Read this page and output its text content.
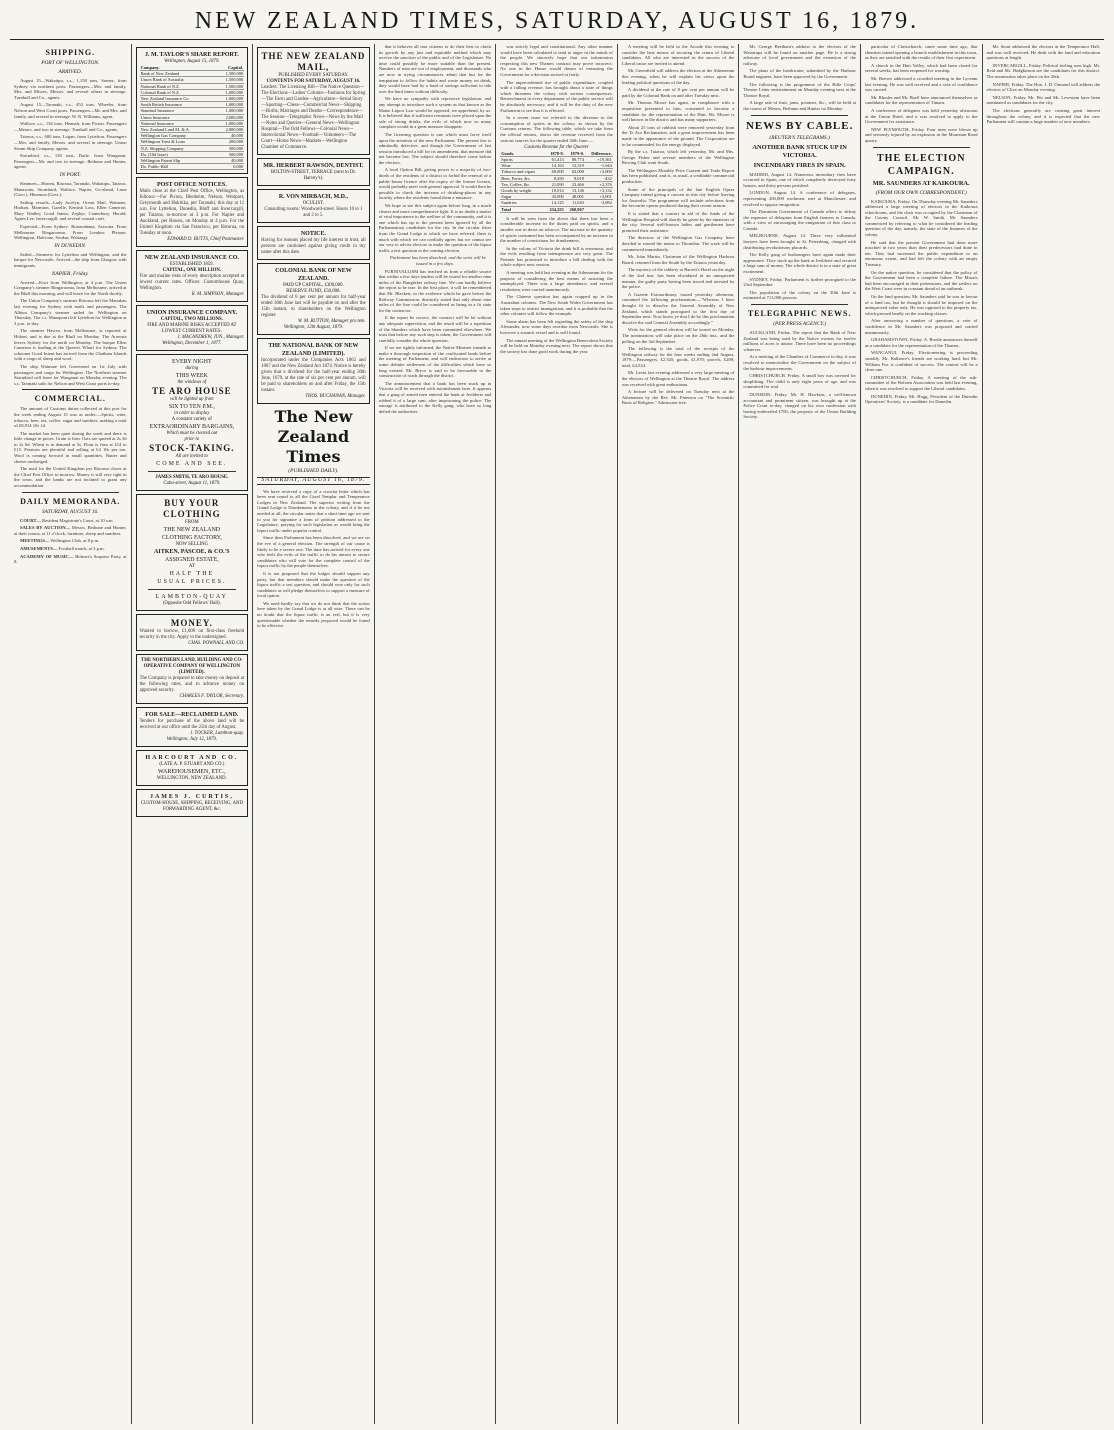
NEW ZEALAND TIMES, SATURDAY, AUGUST 16, 1879.
SHIPPING.
PORT OF WELLINGTON.
ARRIVED.

August 15—Wakatipu, s.s., 1,158 tons, Sarnez, from Sydney via northern ports. Passengers—Mrs. and family, Mrs. and Misses, Messrs. and several others in steerage. Turnbull and Co., agents.

August 15—Taranaki, s.s., 453 tons, Wheeler, from Nelson and West Coast ports. Passengers—Mr. and Mrs. and family, and several in steerage. W. R. Williams, agent.

Wallace, s.s., 136 tons, Hennah, from Picton. Passengers—Messrs. and two in steerage. Turnbull and Co., agents.

Taiaroa, s.s., 600 tons, Logan, from Lyttelton. Passengers—Mrs. and family, Messrs. and several in steerage. Union Steam Ship Company, agents.

Stormbird, s.s., 130 tons, Doile, from Wanganui. Passengers—Mr. and two in steerage. Bethune and Hunter, agents.

IN PORT.

Steamers—Hawea, Rotorua, Taranaki, Wakatipu, Taiaroa, Manawatu, Stormbird, Wallace, Napier, Go-ahead, Luna (Govt.), Hinemoa (Govt.).

Sailing vessels—Lady Jocelyn, Ocean Mail, Waimate, Hudson, Marmion, Gazelle, Kentish Lass, Ellen Cameron, Mary Wadley, Good Intent, Zephyr, Canterbury, Herald, Agnes Lee, Invercargill, and several coastal craft.

Expected—From Sydney: Rotomahana, Arawata. From Melbourne: Ringarooma. From London: Pleione, Wellington, Halcione, Soukar, Waitangi.

IN DUNEDIN.

Sailed—Steamers for Lyttelton and Wellington, and the barque for Newcastle. Arrived—the ship from Glasgow with immigrants.

NAPIER, Friday.

Arrived—Kiwi from Wellington, at 4 p.m. The Union Company's steamer Ringarooma, from Melbourne, arrived at the Bluff this morning, and will leave for the North shortly.

The Union Company's steamer Rotorua left the Manukau last evening for Sydney with mails and passengers. The Albion Company's steamer sailed for Wellington on Thursday. The s.s. Manapouri left Lyttelton for Wellington at 3 p.m. to-day.

The steamer Hawea, from Melbourne, is reported at Hobart, and is due at the Bluff on Monday. The Arawata leaves Sydney for the north on Monday. The barque Ellen Cameron is loading at the Queen's Wharf for Sydney. The schooner Good Intent has arrived from the Chatham Islands with a cargo of sheep and wool.

The ship Waimate left Gravesend on 1st July with passengers and cargo for Wellington. The Northern steamer Stormbird will leave for Wanganui on Monday evening. The s.s. Taranaki sails for Nelson and West Coast ports to-day.

COMMERCIAL.

The amount of Customs duties collected at this port for the week ending August 15 was as under:—Spirits, wine, tobacco, beer, tea, coffee, sugar and sundries, making a total of £8,914 10s 1d.

The market has been quiet during the week and there is little change in prices. Grain is firm. Oats are quoted at 2s 3d to 2s 6d. Wheat is in demand at 5s. Flour is firm at £14 to £15. Potatoes are plentiful and selling at £4 10s per ton. Wool is coming forward in small quantities. Butter and cheese unchanged.

The mail for the United Kingdom per Rotorua closes at the Chief Post Office to-morrow. Money is still very tight in the town, and the banks are not inclined to grant any accommodation.

DAILY MEMORANDA.
SATURDAY, AUGUST 16.

COURT— Resident Magistrate's Court, at 10 a.m.

SALES BY AUCTION— Messrs. Bethune and Hunter, at their rooms, at 11 o'clock, furniture, sheep and sundries.

MEETINGS— Wellington Club, at 8 p.m.

AMUSEMENTS— Football match, at 3 p.m.

ACADEMY OF MUSIC— Holmes's Surprise Party, at 8.

J. M. TAYLOR'S SHARE REPORT.
Wellington, August 15, 1879.
Company.	Capital.
Bank of New Zealand	1,500,000
Union Bank of Australia	1,500,000
National Bank of N.Z.	1,500,000
Colonial Bank of N.Z.	1,000,000
New Zealand Insurance Co.	1,000,000
South British Insurance	1,000,000
Standard Insurance	1,000,000
Union Insurance	2,000,000
National Insurance	1,000,000
New Zealand Land M. & A.	2,000,000
Wellington Gas Company	40,000
Wellington Trust & Loan	200,000
N.Z. Shipping Company	500,000
Do. (Old Issue)	500,000
Wellington Patent Slip	40,000
Do. Public Hall	6,000
POST OFFICE NOTICES.
Mails close at the Chief Post Office, Wellington, as follows:—For Picton, Blenheim, Nelson, Westport, Greymouth and Hokitika, per Taranaki, this day at 11 a.m. For Lyttelton, Dunedin, Bluff and Invercargill, per Taiaroa, to-morrow at 3 p.m. For Napier and Auckland, per Hawea, on Monday at 4 p.m. For the United Kingdom via San Francisco, per Rotorua, on Tuesday at noon.
EDWARD D. BUTTS, Chief Postmaster.
NEW ZEALAND INSURANCE CO.
ESTABLISHED 1859.
CAPITAL, ONE MILLION.
Fire and marine risks of every description accepted at lowest current rates. Offices: Customhouse Quay, Wellington.
R. M. SIMPSON, Manager.
UNION INSURANCE COMPANY.
CAPITAL, TWO MILLIONS.
FIRE AND MARINE RISKS ACCEPTED AT LOWEST CURRENT RATES.
J. MACANDREW, JUN., Manager.
Wellington, December 1, 1877.
EVERY NIGHT
during
THIS WEEK
the windows of
TE ARO HOUSE
will be lighted up from
SIX TO TEN P.M.,
in order to display
A constant variety of
EXTRAORDINARY BARGAINS,
Which must be cleared out
prior to
STOCK-TAKING.
All are invited to
COME AND SEE.
JAMES SMITH, TE ARO HOUSE.
Cuba-street, August 11, 1879.
BUY YOUR CLOTHING
FROM
THE NEW ZEALAND
CLOTHING FACTORY,
NOW SELLING
AITKEN, PASCOE, & CO.'S
ASSIGNED ESTATE,
AT
HALF THE
USUAL PRICES.
LAMBTON-QUAY
(Opposite Odd Fellows' Hall).
MONEY.
Wanted to borrow, £1,000 on first-class freehold security in the city. Apply to the undersigned.
CHAS. POWNALL AND CO.
THE NORTHERN LAND, BUILDING AND CO-OPERATIVE COMPANY OF WELLINGTON (LIMITED).
The Company is prepared to take money on deposit at the following rates, and to advance money on approved security.
CHARLES F. TAYLOR, Secretary.
FOR SALE—RECLAIMED LAND.
Tenders for purchase of the above land will be received at our office until the 25th day of August.
J. TOCKER, Lambton-quay.
Wellington, July 12, 1879.
HARCOURT AND CO.
(LATE A. P. STUART AND CO.)
WAREHOUSEMEN, ETC.,
WELLINGTON, NEW ZEALAND.
JAMES J. CURTIS,
CUSTOM-HOUSE, SHIPPING, RECEIVING, AND FORWARDING AGENT, &c.
THE NEW ZEALAND MAIL,
PUBLISHED EVERY SATURDAY.
CONTENTS FOR SATURDAY, AUGUST 16.
Leaders: The Licensing Bill—The Native Question—The Elections—Ladies' Column—Fashions for Spring—The Farm and Garden—Agriculture—Serial Story—Sporting—Chess—Commercial News—Shipping—Births, Marriages and Deaths—Correspondence—The Session—Telegraphic News—News by the Mail—Notes and Queries—General News—Wellington Hospital—The Odd Fellows—Colonial News—Intercolonial News—Football—Volunteers—The Court—Home News—Markets—Wellington Chamber of Commerce.
MR. HERBERT RAWSON, DENTIST.
BOLTON-STREET, TERRACE (next to Dr. Harvey's).
R. VON MIRBACH, M.D.,
OCULIST.
Consulting rooms: Woodward-street. Hours 10 to 1 and 2 to 5.
NOTICE.
Having for reasons placed my life interest in trust, all persons are cautioned against giving credit in my name after this date.
COLONIAL BANK OF NEW ZEALAND.
PAID UP CAPITAL, £300,000.
RESERVE FUND, £50,000.
The dividend of 8 per cent per annum for half-year ended 30th June last will be payable on and after the 15th instant, to shareholders on the Wellington register.
W. M. BUTTON, Manager pro tem.
Wellington, 12th August, 1879.
THE NATIONAL BANK OF NEW ZEALAND (LIMITED).
Incorporated under the Companies Acts 1862 and 1867 and the New Zealand Act 1874. Notice is hereby given that a dividend for the half-year ending 30th June, 1879, at the rate of six per cent per annum, will be paid to shareholders on and after Friday, the 15th instant.
THOS. BUCHANAN, Manager.
The New Zealand Times
(PUBLISHED DAILY).
SATURDAY, AUGUST 16, 1879.

We have received a copy of a circular letter which has been sent round to all the Good Templar and Temperance Lodges in New Zealand. The superior writing from the Grand Lodge is Drunkenness in the colony, and if it be not needed at all, the circular states that a short time ago we sent to you for signature a form of petition addressed to the Legislature, praying for such legislation as would bring the liquor traffic under popular control.

Since then Parliament has been dissolved, and we are on the eve of a general election. The strength of our cause is likely to be a severe one. The time has arrived for every one who feels the evils of the traffic to do his utmost to secure candidates who will vote for the complete control of the liquor traffic by the people themselves.

It is not proposed that the lodges should support any party, but that members should make the question of the liquor traffic a test question, and should vote only for such candidates as will pledge themselves to support a measure of local option.

We need hardly say that we do not think that the action here taken by the Grand Lodge is at all wise. There can be no doubt that the liquor traffic is an evil, but it is very questionable whether the remedy proposed would be found to be effective.

that it behoves all true citizens to do their best to check its growth by any just and equitable method which may receive the sanction of the public and of the Legislature. No time could possibly be more suitable than the present. Numbers of men are out of employment, and thousands who are now in trying circumstances admit that but for the temptation to follow the habits and waste money on drink, they would have had by a fund of savings sufficient to tide over the hard times without difficulty.

We have no sympathy with repressive legislation, and any attempt to introduce such a system as that known as the Maine Liquor Law would be opposed, we apprehend, by us. It is believed that if sufficient restraints were placed upon the sale of strong drinks, the evils of which now so many complain would in a great measure disappear.

The licensing question is one which must force itself upon the attention of the new Parliament. The present law is admittedly defective, and though the Government of last session introduced a bill for its amendment, that measure did not become law. The subject should therefore come before the electors.

A local Option Bill, giving power to a majority of two-thirds of the residents of a district to forbid the renewal of a public-house licence after the expiry of the former licence, would probably meet with general approval. It would then be possible to check the increase of drinking-places in any locality where the residents found them a nuisance.

We hope to see this subject again before long, in a much clearer and more comprehensive light. It is no doubt a matter of vital importance to the welfare of the community, and it is one which has up to the present been ignored by all the Parliamentary candidates for the city. In the circular letter from the Grand Lodge to which we have referred, there is much with which we can cordially agree; but we cannot see our way to advise electors to make the question of the liquor traffic a test question at the coming election.

Parliament has been dissolved, and the writs will be issued in a few days.

FURNIVALLISM has reached us from a reliable source that within a few days tenders will be issued for another nine miles of the Rangitikei railway line. We can hardly believe the report to be true. In the first place, it will be remembered that Mr. Blackett, in the evidence which he gave before the Railway Commission, distinctly stated that only about nine miles of the line could be considered as being in a fit state for the contractor.

If the report be correct, the contract will be let without any adequate supervision, and the result will be a repetition of the blunders which have been committed elsewhere. We trust that before any such step is taken, the Government will carefully consider the whole question.

If we are rightly informed, the Native Minister intends to make a thorough inspection of the confiscated lands before the meeting of Parliament, and will endeavour to arrive at some definite settlement of the difficulties which have so long existed. Mr. Bryce is said to be favourable to the construction of roads through the district.

The announcement that a bank has been stuck up in Victoria will be received with astonishment here. It appears that a gang of armed men entered the bank at Jerilderie and robbed it of a large sum, after imprisoning the police. The outrage is attributed to the Kelly gang, who have so long defied the authorities.

was strictly legal and constitutional. Any other manner would have been calculated to tend to anger in the minds of the people. We sincerely hope that our information respecting this new Thames contract may prove incorrect. No one in the House would dream of censuring the Government for a decision arrived at fairly.

The unprecedented rise of public expenditure, coupled with a falling revenue, has brought about a state of things which threatens the colony with serious consequences. Retrenchment in every department of the public service will be absolutely necessary, and it will be the duty of the new Parliament to see that it is effected.

In a recent issue we referred to the decrease in the consumption of spirits in the colony, as shown by the Customs returns. The following table, which we take from the official returns, shows the revenue received from the various sources for the quarter ended 30th June:—

Customs Revenue for the Quarter
Goods.	1878-9.	1879-0.	Difference.
Spirits	61,413	80,774	+19,361
Wine	14,163	12,519	-1,644
Tobacco and cigars	60,000	63,000	+3,000
Beer, Porter, &c.	8,450	8,018	-432
Tea, Coffee, &c.	21,090	23,466	+2,376
Goods by weight	10,014	13,146	+3,132
Sugar	45,000	48,001	+3,001
Sundries	14,125	11,043	-3,082
Total	234,255	260,967	

It will be seen from the above that there has been a considerable increase in the duties paid on spirits, and a smaller one in those on tobacco. The increase in the quantity of spirits consumed has been accompanied by an increase in the number of convictions for drunkenness.

In the colony of Victoria the drink bill is enormous, and the evils resulting from intemperance are very great. The Premier has promised to introduce a bill dealing with the whole subject next session.

A meeting was held last evening at the Athenaeum for the purpose of considering the best means of assisting the unemployed. There was a large attendance, and several resolutions were carried unanimously.

The Chinese question has again cropped up in the Australian colonies. The New South Wales Government has taken steps to restrict immigration, and it is probable that the other colonies will follow the example.

Some alarm has been felt regarding the safety of the ship Alexander, now some days overdue from Newcastle. She is however a staunch vessel and is well found.

The annual meeting of the Wellington Benevolent Society will be held on Monday evening next. The report shows that the society has done good work during the year.

A meeting will be held in the Arcade this evening to consider the best means of securing the return of Liberal candidates. All who are interested in the success of the Liberal cause are invited to attend.

Mr. Greenfield will address the electors at the Athenaeum this evening, when he will explain his views upon the leading political questions of the day.

A dividend at the rate of 8 per cent per annum will be paid by the Colonial Bank on and after Tuesday next.

Mr. Thomas Moore has again, in compliance with a requisition presented to him, consented to become a candidate for the representation of the Hutt. Mr. Moore is well known in the district and has many supporters.

About 25 tons of rubbish were removed yesterday from the Te Aro Reclamation, and a great improvement has been made in the appearance of the ground. The Corporation are to be commended for the energy displayed.

By the s.s. Taiaroa, which left yesterday, Mr. and Mrs. George Fisher and several members of the Wellington Rowing Club went South.

The Wellington Monthly Price Current and Trade Report has been published, and is, as usual, a creditable commercial production.

Some of the principals of the late English Opera Company intend giving a concert in this city before leaving for Australia. The programme will include selections from the favourite operas produced during their recent season.

It is stated that a concert in aid of the funds of the Wellington Hospital will shortly be given by the amateurs of the city. Several well-known ladies and gentlemen have promised their assistance.

The directors of the Wellington Gas Company have decided to extend the mains to Thorndon. The work will be commenced immediately.

Mr. John Martin, Chairman of the Wellington Harbour Board, returned from the South by the Taiaroa yesterday.

The mystery of the robbery at Barrett's Hotel on the night of the 2nd inst. has been elucidated in an unexpected manner, the guilty party having been traced and arrested by the police.

A Gazette Extraordinary, issued yesterday afternoon, contained the following proclamation:—"Whereas I have thought fit to dissolve the General Assembly of New Zealand, which stands prorogued to the first day of September next: Now know ye that I do by this proclamation dissolve the said General Assembly accordingly."

Writs for the general election will be issued on Monday. The nominations will take place on the 26th inst., and the polling on the 3rd September.

The following is the total of the receipts of the Wellington railway for the four weeks ending 2nd August, 1879:—Passengers, £2,345; goods, £1,970; parcels, £209; total, £4,524.

Mr. Levin last evening addressed a very large meeting of the electors of Wellington at the Theatre Royal. The address was received with great enthusiasm.

A lecture will be delivered on Tuesday next at the Athenaeum by the Rev. Mr. Paterson on "The Scientific Basis of Religion." Admission free.

Mr. George Beetham's address to the electors of the Wairarapa will be found on another page. He is a strong advocate of local government and the extension of the railway.

The plans of the breakwater, submitted by the Harbour Board engineer, have been approved by the Government.

The following is the programme of the Rifle Corps' Theatre Letter entertainment on Monday evening next at the Theatre Royal.

A large sale of fruit, jams, potatoes, &c., will be held at the rooms of Messrs. Bethune and Hunter on Monday.

NEWS BY CABLE.
(REUTER'S TELEGRAMS.)
ANOTHER BANK STUCK UP IN VICTORIA.
INCENDIARY FIRES IN SPAIN.

MADRID, August 14. Numerous incendiary fires have occurred in Spain, one of which completely destroyed forty houses, and thirty persons perished.

LONDON, August 14. A conference of delegates, representing 200,000 workmen, met at Manchester, and resolved to oppose emigration.

The Dominion Government of Canada offers to defray the expenses of delegates from English farmers to Canada, with a view of encouraging the emigration of that class to Canada.

MELBOURNE, August 14. Three very influential lawyers have been brought to St. Petersburg, charged with distributing revolutionary placards.

The Kelly gang of bushrangers have again made their appearance. They stuck up the bank at Jerilderie and secured a large sum of money. The whole district is in a state of great excitement.

SYDNEY, Friday. Parliament is further prorogued to the 23rd September.

The population of the colony on the 30th June is estimated at 711,000 persons.

TELEGRAPHIC NEWS.
(PER PRESS AGENCY.)

AUCKLAND, Friday. The report that the Bank of New Zealand was being sued by the Native owners for twelve millions of acres is untrue. There have been no proceedings whatever.

At a meeting of the Chamber of Commerce to-day, it was resolved to memorialise the Government on the subject of the harbour improvements.

CHRISTCHURCH, Friday. A small boy was arrested for shoplifting. The child is only eight years of age, and was committed for trial.

DUNEDIN, Friday. Mr. H. Hawkins, a well-known accountant and prominent citizen, was brought up at the Police Court to-day, charged on his own confession with having embezzled £700, the property of the Union Building Society.

particular of Christchurch, came some time ago, that chemists intend opening a branch establishment in this town, as they are satisfied with the results of their first experiment.

A church in the Hutt Valley, which had been closed for several weeks, has been reopened for worship.

Mr. Reeves addressed a crowded meeting in the Lyceum last evening. He was well received and a vote of confidence was carried.

Mr. Rhodes and Mr. Barff have announced themselves as candidates for the representation of Timaru.

A conference of delegates was held yesterday afternoon at the Union Hotel, and it was resolved to apply to the Government for assistance.

NEW PLYMOUTH, Friday. Four men were blown up and seriously injured by an explosion in the Mountain Road quarry.

THE ELECTION CAMPAIGN.
MR. SAUNDERS AT KAIKOURA.
(FROM OUR OWN CORRESPONDENT.)

KAIKOURA, Friday. On Thursday evening Mr. Saunders addressed a large meeting of electors in the Kaikoura schoolroom, and the chair was occupied by the Chairman of the County Council. Mr. W. Smith. Mr. Saunders commenced by referring to what he considered the leading question of the day, namely, the state of the finances of the colony.

He said that the present Government had done more mischief in two years than their predecessors had done in ten. They had increased the public expenditure to an enormous extent, and had left the colony with an empty Treasury.

On the native question, he considered that the policy of the Government had been a complete failure. The Maoris had been encouraged in their pretensions, and the settlers on the West Coast were in constant dread of an outbreak.

On the land question, Mr. Saunders said he was in favour of a land tax, but he thought it should be imposed on the unimproved value only. He was opposed to the property tax, which pressed hardly on the working classes.

After answering a number of questions, a vote of confidence in Mr. Saunders was proposed and carried unanimously.

GRAHAMSTOWN, Friday. A. Brodie announces himself as a candidate for the representation of the Thames.

WANGANUI, Friday. Electioneering is proceeding steadily. Mr. Ballance's friends are working hard, but Mr. William Fox is confident of success. The contest will be a close one.

CHRISTCHURCH, Friday. A meeting of the sub-committee of the Reform Association was held last evening, when it was resolved to support the Liberal candidates.

DUNEDIN, Friday. Mr. Hogg, President of the Dunedin Operatives' Society, is a candidate for Dunedin.

Mr. Stout addressed the electors at the Temperance Hall, and was well received. He dealt with the land and education questions at length.

INVERCARGILL, Friday. Political feeling runs high. Mr. Reid and Mr. Hodgkinson are the candidates for this district. The nomination takes place on the 26th.

NAPIER, Friday. The Hon. J. D. Ormond will address the electors of Clive on Monday evening.

NELSON, Friday. Mr. Pitt and Mr. Levestam have been nominated as candidates for the city.

The elections generally are creating great interest throughout the colony, and it is expected that the new Parliament will contain a large number of new members.
